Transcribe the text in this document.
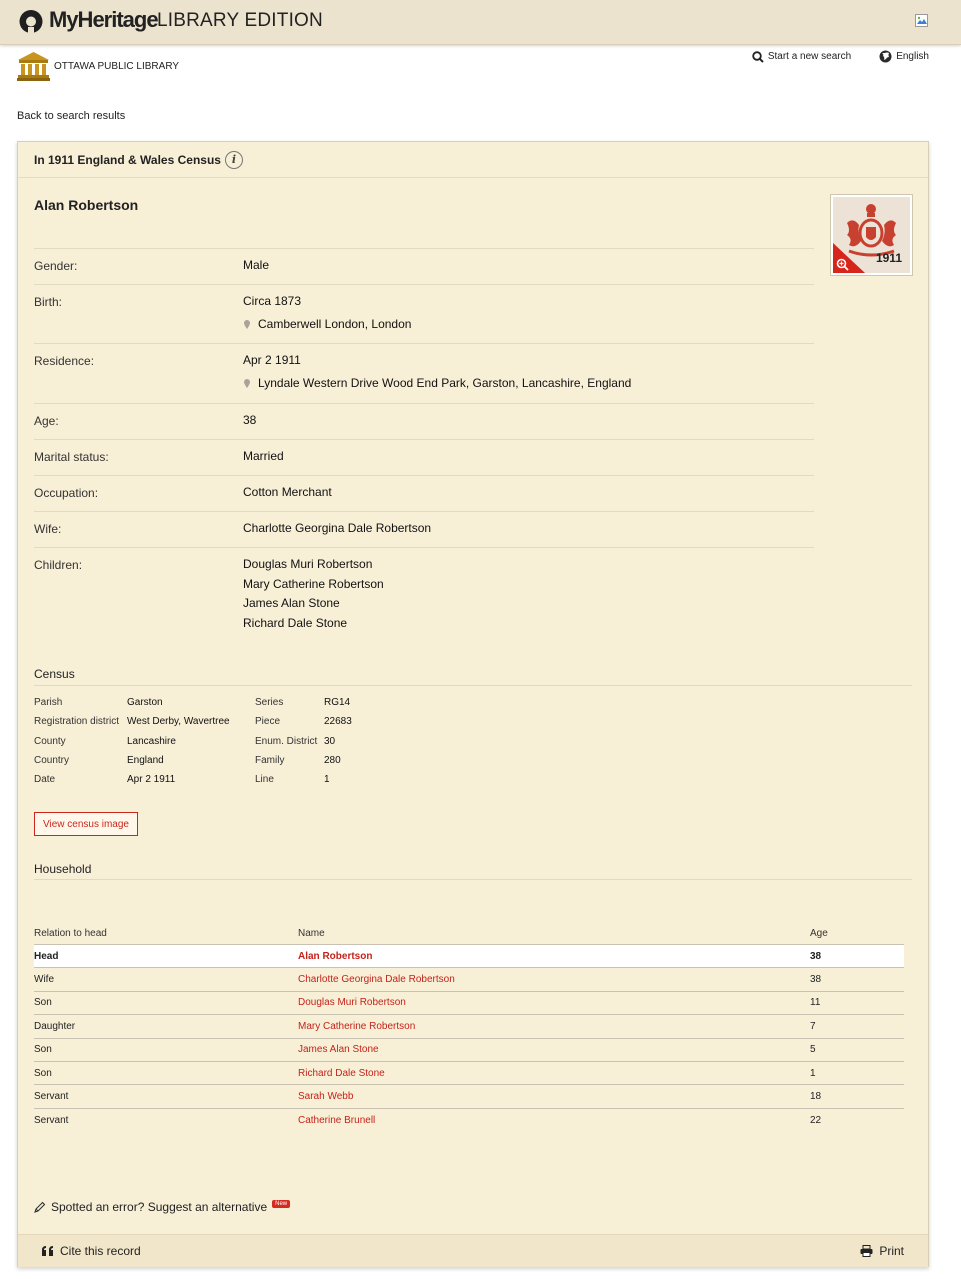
MyHeritage LIBRARY EDITION
OTTAWA PUBLIC LIBRARY
Start a new search	English
Back to search results
In 1911 England & Wales Census i
Alan Robertson
1911
Gender:	Male
Birth:	Circa 1873
Camberwell London, London
Residence:	Apr 2 1911
Lyndale Western Drive Wood End Park, Garston, Lancashire, England
Age:	38
Marital status:	Married
Occupation:	Cotton Merchant
Wife:	Charlotte Georgina Dale Robertson
Children:	Douglas Muri Robertson
Mary Catherine Robertson
James Alan Stone
Richard Dale Stone
Census
Parish	Garston	Series	RG14
Registration district West Derby, Wavertree	Piece	22683
County	Lancashire	Enum. District 30
Country	England	Family	280
Date	Apr 2 1911	Line	1
View census image
Household
Relation to head	Name	Age
Head	Alan Robertson	38
Wife	Charlotte Georgina Dale Robertson	38
Son	Douglas Muri Robertson	11
Daughter	Mary Catherine Robertson	7
Son	James Alan Stone	5
Son	Richard Dale Stone	1
Servant	Sarah Webb	18
Servant	Catherine Brunell	22
Spotted an error? Suggest an alternative	New
Cite this record	Print
